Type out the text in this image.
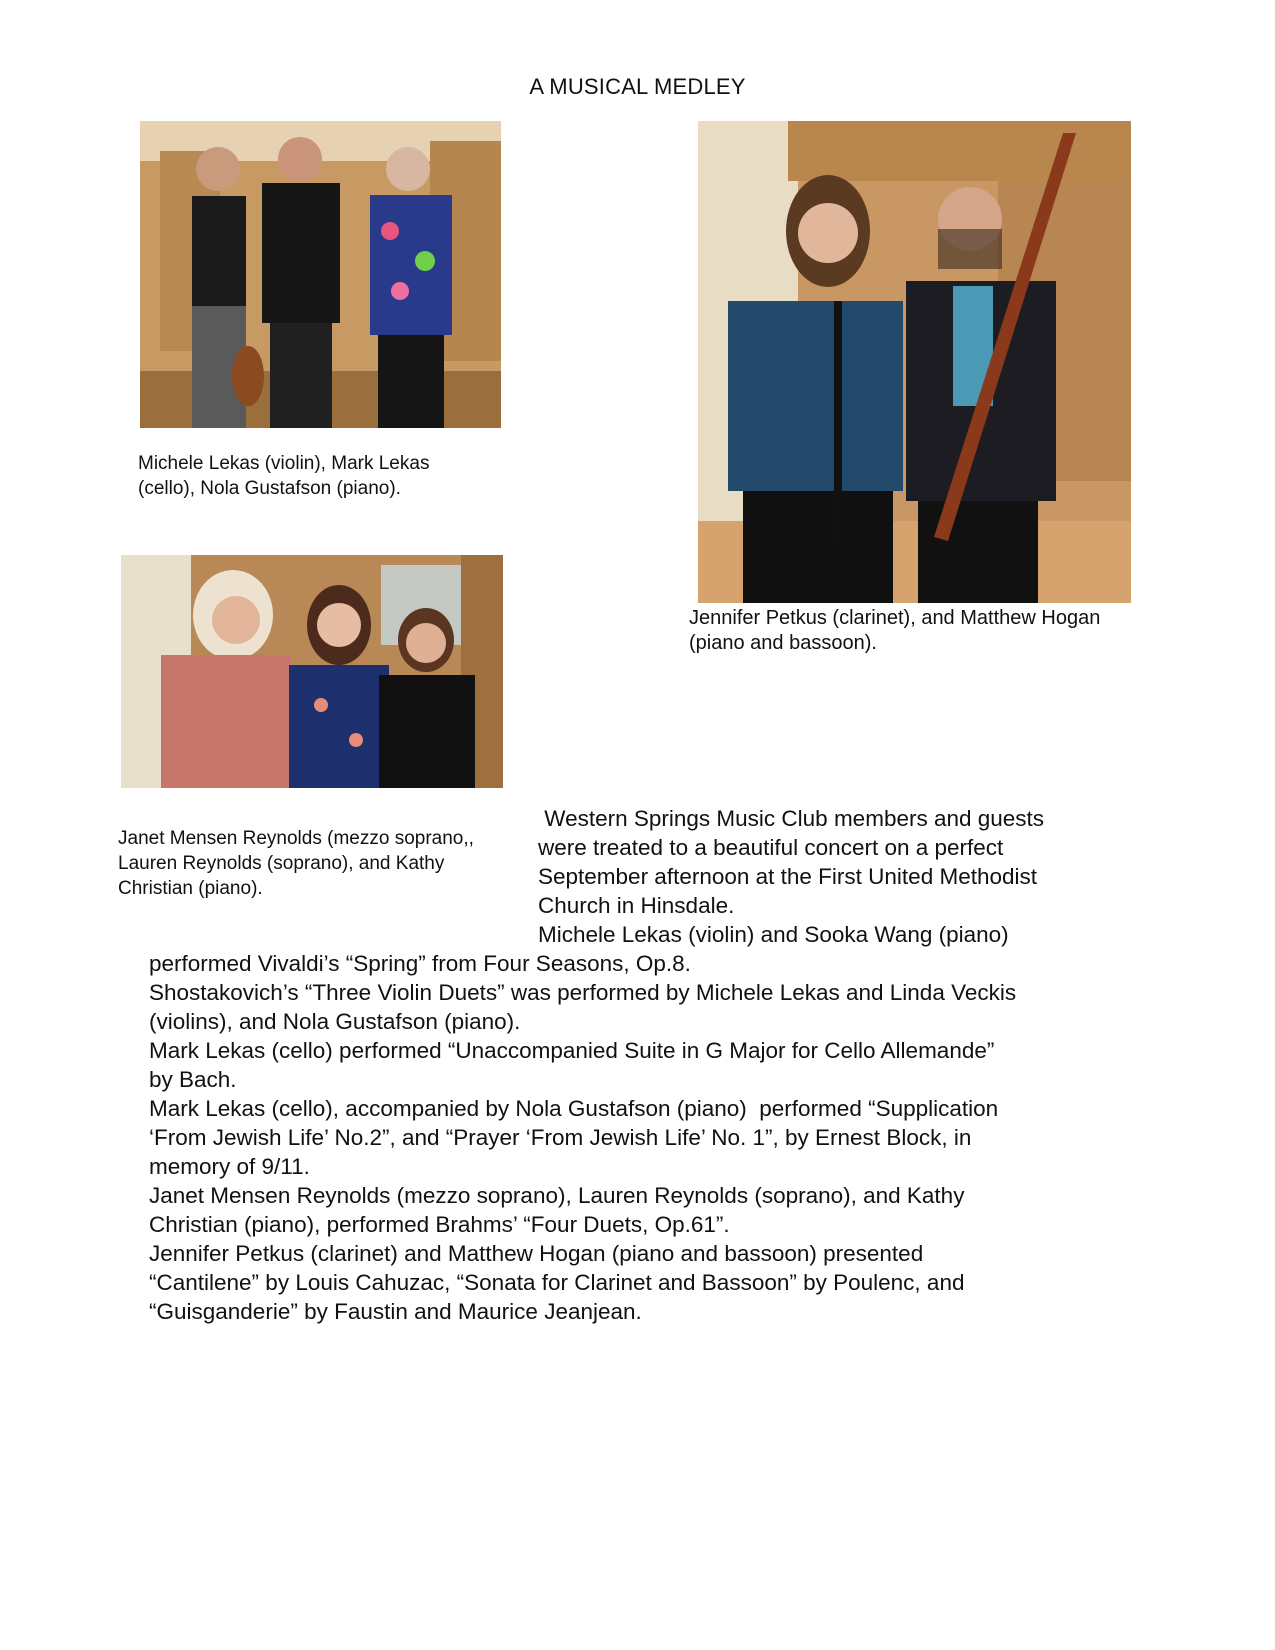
A MUSICAL MEDLEY
Michele Lekas (violin), Mark Lekas (cello), Nola Gustafson (piano).
Jennifer Petkus (clarinet), and Matthew Hogan (piano and bassoon).
Janet Mensen Reynolds (mezzo soprano,, Lauren Reynolds (soprano), and Kathy Christian (piano).

Western Springs Music Club members and guests

were treated to a beautiful concert on a perfect

September afternoon at the First United Methodist

Church in Hinsdale.

Michele Lekas (violin) and Sooka Wang (piano)

performed Vivaldi’s “Spring” from Four Seasons, Op.8.

Shostakovich’s “Three Violin Duets” was performed by Michele Lekas and Linda Veckis

(violins), and Nola Gustafson (piano).

Mark Lekas (cello) performed “Unaccompanied Suite in G Major for Cello Allemande”

by Bach.

Mark Lekas (cello), accompanied by Nola Gustafson (piano)  performed “Supplication

‘From Jewish Life’ No.2”, and “Prayer ‘From Jewish Life’ No. 1”, by Ernest Block, in

memory of 9/11.

Janet Mensen Reynolds (mezzo soprano), Lauren Reynolds (soprano), and Kathy

Christian (piano), performed Brahms’ “Four Duets, Op.61”.

Jennifer Petkus (clarinet) and Matthew Hogan (piano and bassoon) presented

“Cantilene” by Louis Cahuzac, “Sonata for Clarinet and Bassoon” by Poulenc, and

“Guisganderie” by Faustin and Maurice Jeanjean.
